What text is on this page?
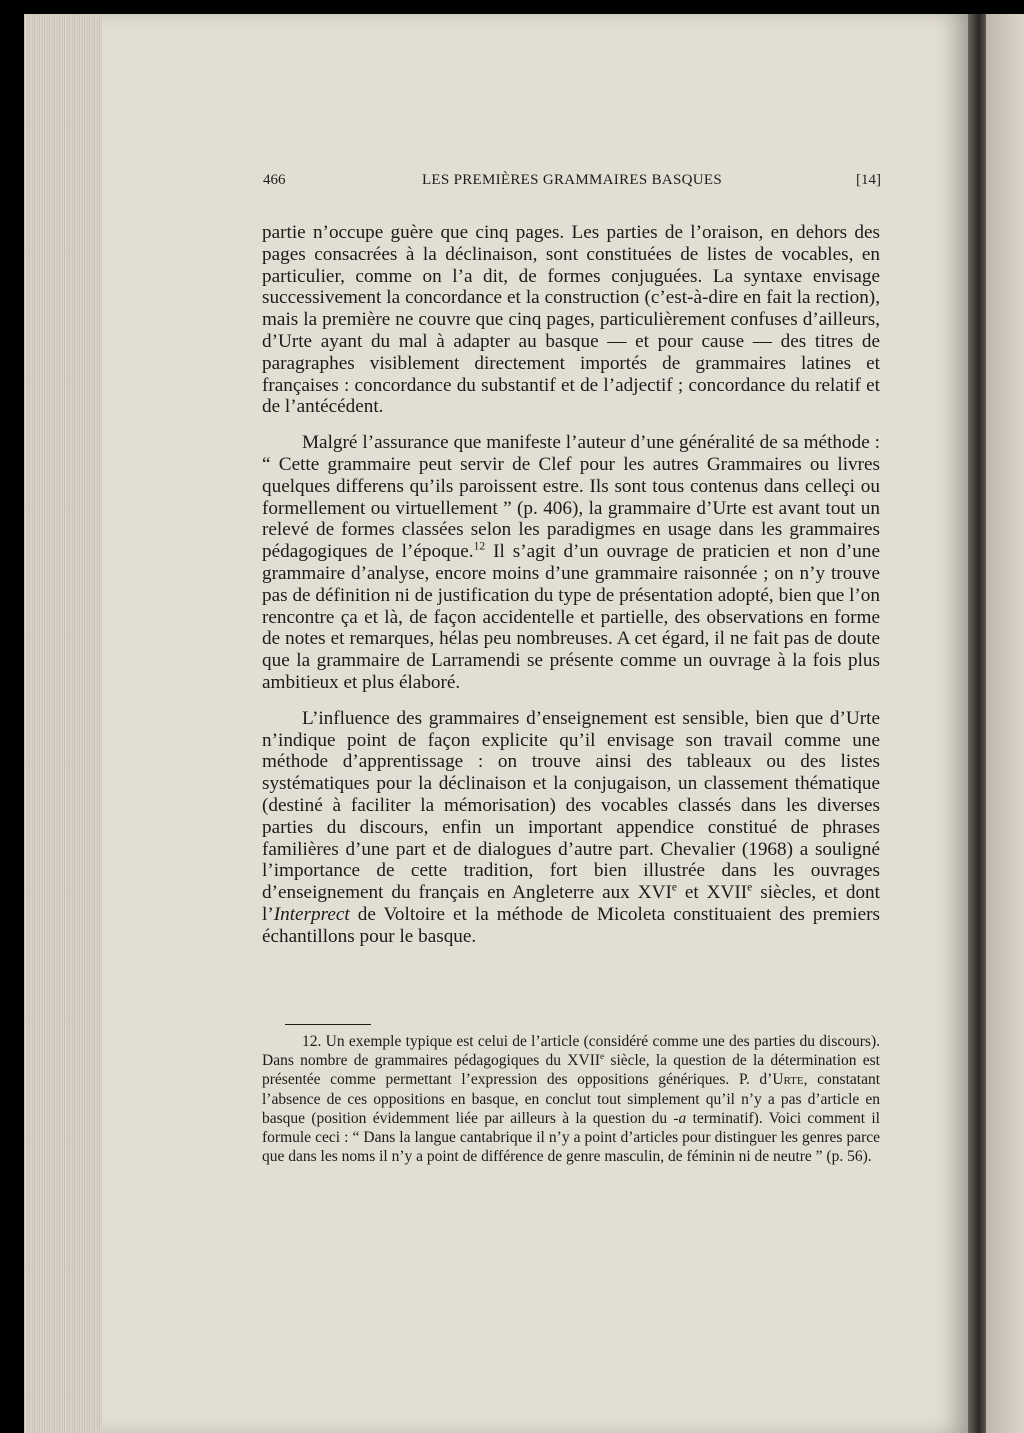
466	LES PREMIÈRES GRAMMAIRES BASQUES	[14]

partie n’occupe guère que cinq pages. Les parties de l’oraison, en dehors des pages consacrées à la déclinaison, sont constituées de listes de vocables, en particulier, comme on l’a dit, de formes conjuguées. La syntaxe envisage successivement la concordance et la construction (c’est-à-dire en fait la rection), mais la première ne couvre que cinq pages, particulièrement confuses d’ailleurs, d’Urte ayant du mal à adapter au basque — et pour cause — des titres de paragraphes visiblement directement importés de grammaires latines et françaises : concordance du substantif et de l’adjectif ; concordance du relatif et de l’antécédent.

Malgré l’assurance que manifeste l’auteur d’une généralité de sa méthode : “ Cette grammaire peut servir de Clef pour les autres Grammaires ou livres quelques differens qu’ils paroissent estre. Ils sont tous contenus dans celleçi ou formellement ou virtuellement ” (p. 406), la grammaire d’Urte est avant tout un relevé de formes classées selon les paradigmes en usage dans les grammaires pédagogiques de l’époque.$^{12}$ Il s’agit d’un ouvrage de praticien et non d’une grammaire d’analyse, encore moins d’une grammaire raisonnée ; on n’y trouve pas de définition ni de justification du type de présentation adopté, bien que l’on rencontre ça et là, de façon accidentelle et partielle, des observations en forme de notes et remarques, hélas peu nombreuses. A cet égard, il ne fait pas de doute que la grammaire de Larramendi se présente comme un ouvrage à la fois plus ambitieux et plus élaboré.

L’influence des grammaires d’enseignement est sensible, bien que d’Urte n’indique point de façon explicite qu’il envisage son travail comme une méthode d’apprentissage : on trouve ainsi des tableaux ou des listes systématiques pour la déclinaison et la conjugaison, un classement thématique (destiné à faciliter la mémorisation) des vocables classés dans les diverses parties du discours, enfin un important appendice constitué de phrases familières d’une part et de dialogues d’autre part. Chevalier (1968) a souligné l’importance de cette tradition, fort bien illustrée dans les ouvrages d’enseignement du français en Angleterre aux XVIe et XVIIe siècles, et dont l’Interprect de Voltoire et la méthode de Micoleta constituaient des premiers échantillons pour le basque.

12. Un exemple typique est celui de l’article (considéré comme une des parties du discours). Dans nombre de grammaires pédagogiques du XVIIe siècle, la question de la détermination est présentée comme permettant l’expression des oppositions génériques. P. d’Urte, constatant l’absence de ces oppositions en basque, en conclut tout simplement qu’il n’y a pas d’article en basque (position évidemment liée par ailleurs à la question du -a terminatif). Voici comment il formule ceci : “ Dans la langue cantabrique il n’y a point d’articles pour distinguer les genres parce que dans les noms il n’y a point de différence de genre masculin, de féminin ni de neutre ” (p. 56).
